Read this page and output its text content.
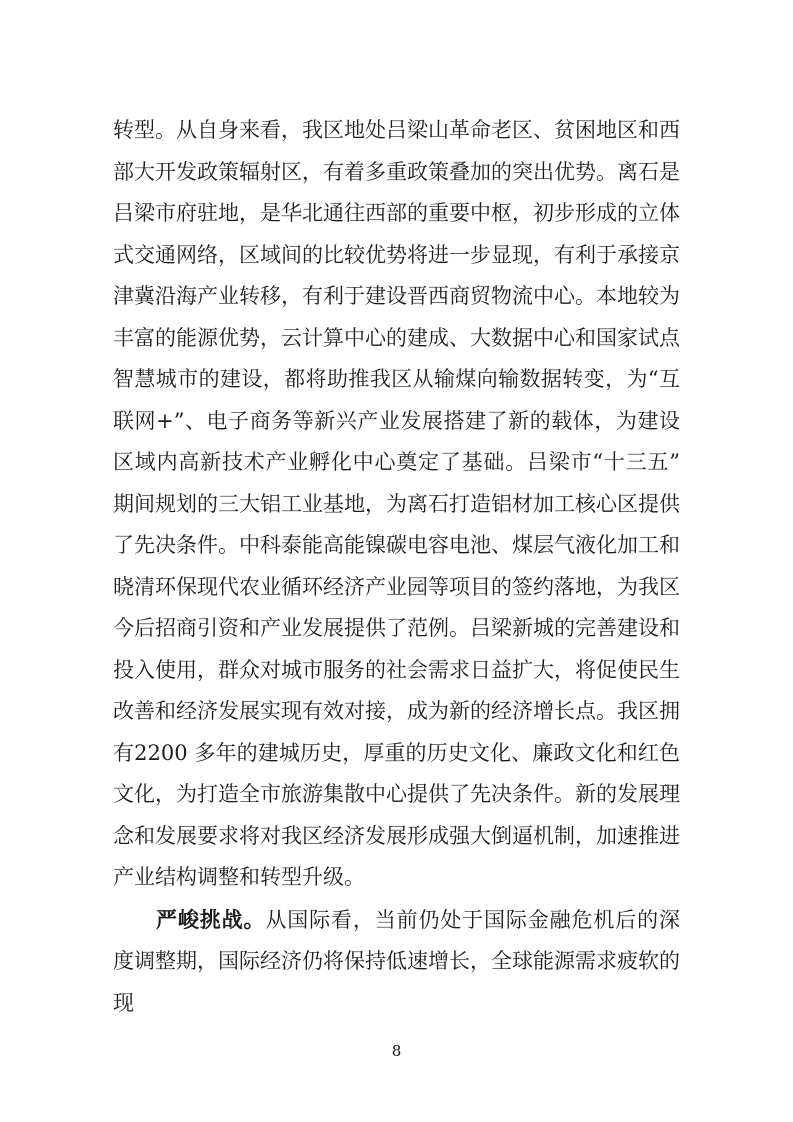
转型。从自身来看，我区地处吕梁山革命老区、贫困地区和西部大开发政策辐射区，有着多重政策叠加的突出优势。离石是吕梁市府驻地，是华北通往西部的重要中枢，初步形成的立体式交通网络，区域间的比较优势将进一步显现，有利于承接京津冀沿海产业转移，有利于建设晋西商贸物流中心。本地较为丰富的能源优势，云计算中心的建成、大数据中心和国家试点智慧城市的建设，都将助推我区从输煤向输数据转变，为“互联网+”、电子商务等新兴产业发展搭建了新的载体，为建设区域内高新技术产业孵化中心奠定了基础。吕梁市“十三五”期间规划的三大铝工业基地，为离石打造铝材加工核心区提供了先决条件。中科泰能高能镍碳电容电池、煤层气液化加工和晓清环保现代农业循环经济产业园等项目的签约落地，为我区今后招商引资和产业发展提供了范例。吕梁新城的完善建设和投入使用，群众对城市服务的社会需求日益扩大，将促使民生改善和经济发展实现有效对接，成为新的经济增长点。我区拥有2200 多年的建城历史，厚重的历史文化、廉政文化和红色文化，为打造全市旅游集散中心提供了先决条件。新的发展理念和发展要求将对我区经济发展形成强大倒逼机制，加速推进产业结构调整和转型升级。

严峻挑战。从国际看，当前仍处于国际金融危机后的深度调整期，国际经济仍将保持低速增长，全球能源需求疲软的现

8
